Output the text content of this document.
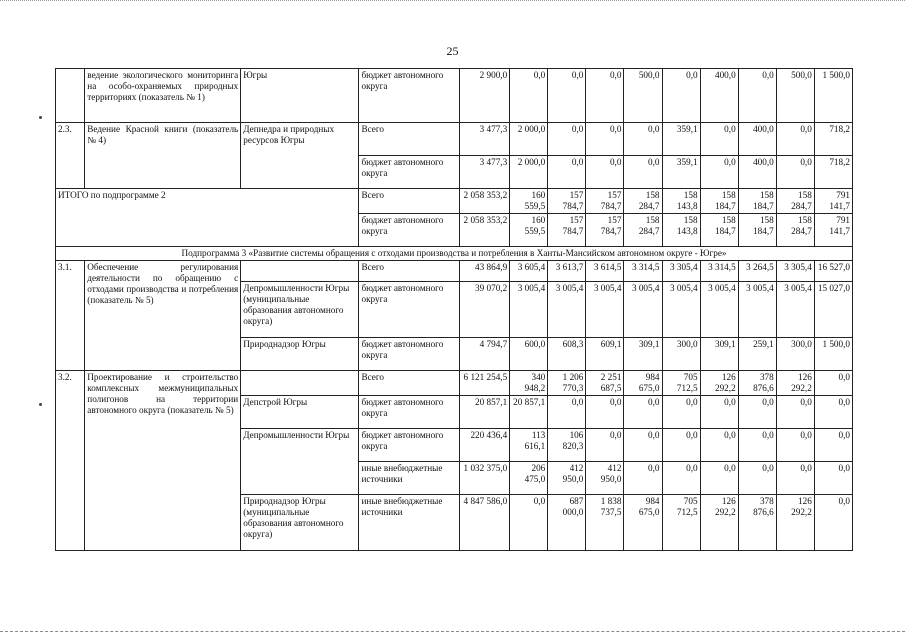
25
	ведение экологического мониторинга на особо-охраняемых природных территориях (показатель № 1)	Югры	бюджет автономного округа	2 900,0	0,0	0,0	0,0	500,0	0,0	400,0	0,0	500,0	1 500,0
2.3.	Ведение Красной книги (показатель № 4)	Депнедра и природных ресурсов Югры	Всего	3 477,3	2 000,0	0,0	0,0	0,0	359,1	0,0	400,0	0,0	718,2
			бюджет автономного округа	3 477,3	2 000,0	0,0	0,0	0,0	359,1	0,0	400,0	0,0	718,2
ИТОГО по подпрограмме 2			Всего	2 058 353,2	160 559,5	157 784,7	157 784,7	158 284,7	158 143,8	158 184,7	158 184,7	158 284,7	791 141,7
			бюджет автономного округа	2 058 353,2	160 559,5	157 784,7	157 784,7	158 284,7	158 143,8	158 184,7	158 184,7	158 284,7	791 141,7
Подпрограмма 3 «Развитие системы обращения с отходами производства и потребления в Ханты-Мансийском автономном округе - Югре»													
3.1.	Обеспечение регулирования деятельности по обращению с отходами производства и потребления (показатель № 5)		Всего	43 864,9	3 605,4	3 613,7	3 614,5	3 314,5	3 305,4	3 314,5	3 264,5	3 305,4	16 527,0
		Депромышленности Югры (муниципальные образования автономного округа)	бюджет автономного округа	39 070,2	3 005,4	3 005,4	3 005,4	3 005,4	3 005,4	3 005,4	3 005,4	3 005,4	15 027,0
		Природнадзор Югры	бюджет автономного округа	4 794,7	600,0	608,3	609,1	309,1	300,0	309,1	259,1	300,0	1 500,0
3.2.	Проектирование и строительство комплексных межмуниципальных полигонов на территории автономного округа (показатель № 5)		Всего	6 121 254,5	340 948,2	1 206 770,3	2 251 687,5	984 675,0	705 712,5	126 292,2	378 876,6	126 292,2	0,0
		Депстрой Югры	бюджет автономного округа	20 857,1	20 857,1	0,0	0,0	0,0	0,0	0,0	0,0	0,0	0,0
		Депромышленности Югры	бюджет автономного округа	220 436,4	113 616,1	106 820,3	0,0	0,0	0,0	0,0	0,0	0,0	0,0
			иные внебюджетные источники	1 032 375,0	206 475,0	412 950,0	412 950,0	0,0	0,0	0,0	0,0	0,0	0,0
		Природнадзор Югры (муниципальные образования автономного округа)	иные внебюджетные источники	4 847 586,0	0,0	687 000,0	1 838 737,5	984 675,0	705 712,5	126 292,2	378 876,6	126 292,2	0,0
